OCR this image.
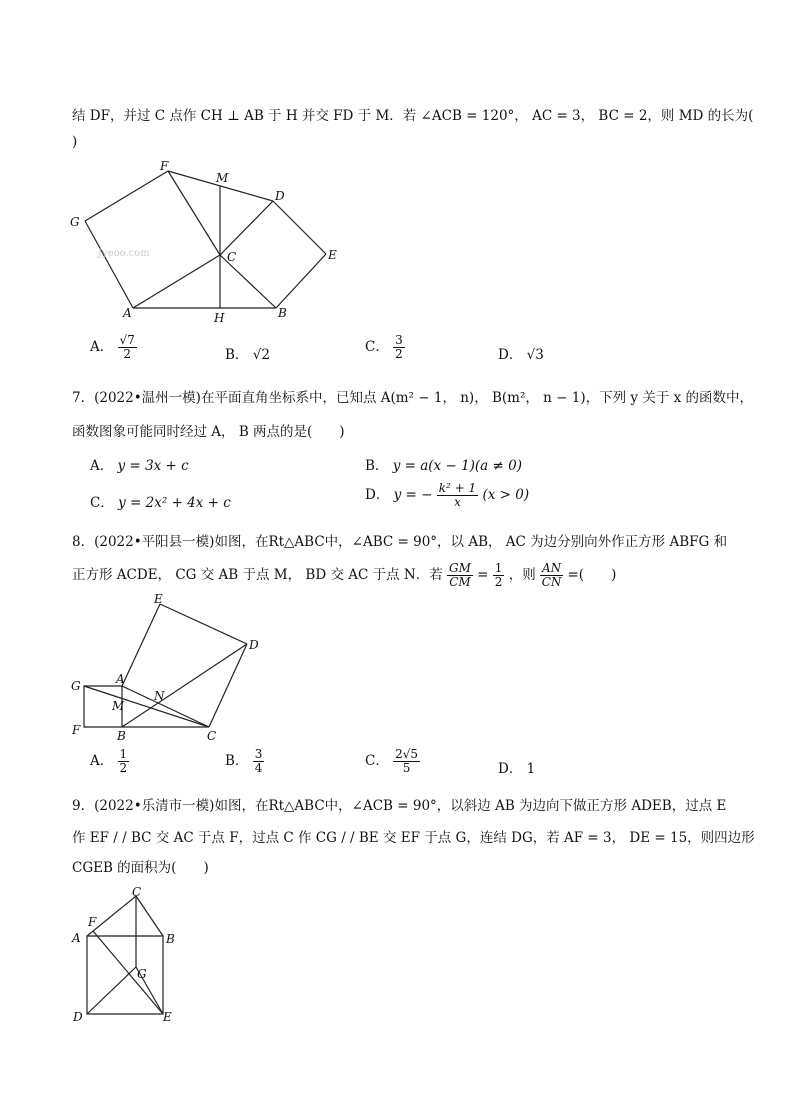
结 DF，并过 C 点作 CH ⊥ AB 于 H 并交 FD 于 M．若 ∠ACB = 120°， AC = 3， BC = 2，则 MD 的长为(
)
Jyeoo.com
F
M
D
G
C	E
A	H	B
A． $\frac{√7}{2}$	B． √2	C． $\frac{3}{2}$	D． √3
7．(2022•温州一模)在平面直角坐标系中，已知点 A(m² − 1， n)， B(m²， n − 1)，下列 y 关于 x 的函数中，
函数图象可能同时经过 A， B 两点的是(　　)
A． y = 3x + c	B． y = a(x − 1)(a ≠ 0)
C． y = 2x² + 4x + c	D． y = − $\frac{\text{k² + 1}}{x} (x > 0)$
8．(2022•平阳县一模)如图，在Rt△ABC中，∠ABC = 90°，以 AB， AC 为边分别向外作正方形 ABFG 和
正方形 ACDE， CG 交 AB 于点 M， BD 交 AC 于点 N．若 $\frac{GM}{CM} = \frac{1}{2}$ ，则 $\frac{AN}{CN}$ =(　　)
E
D
G	A
M
N
F	B	C
A． $\frac{1}{2}$	B． $\frac{3}{4}$	C． $\frac{2√5}{5}$	D． 1
9．(2022•乐清市一模)如图，在Rt△ABC中，∠ACB = 90°，以斜边 AB 为边向下做正方形 ADEB，过点 E
作 EF / / BC 交 AC 于点 F，过点 C 作 CG / / BE 交 EF 于点 G，连结 DG，若 AF = 3， DE = 15，则四边形
CGEB 的面积为(　　)
C
F
A	B
G
D	E
